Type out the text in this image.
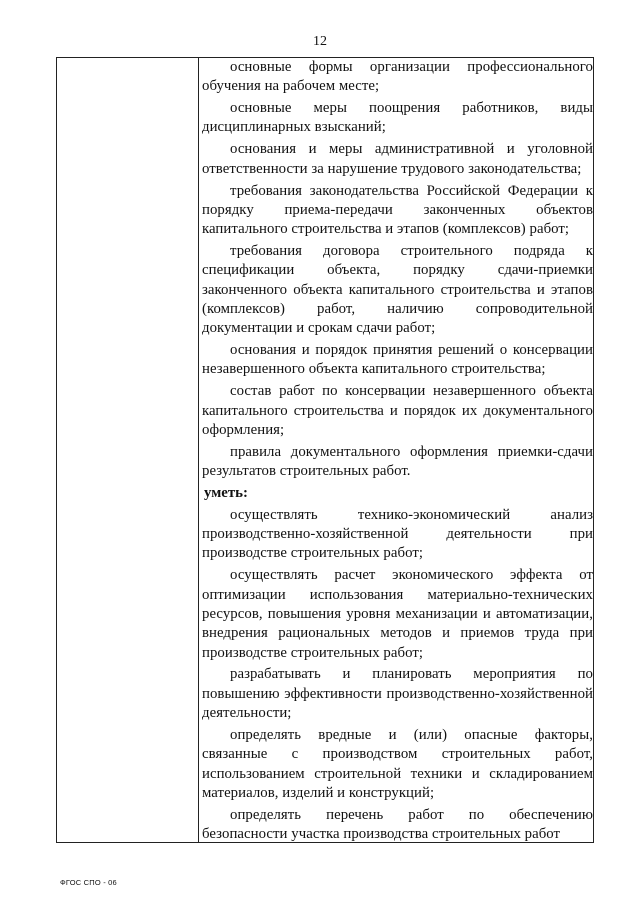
12
основные формы организации профессионального обучения на рабочем месте;
основные меры поощрения работников, виды дисциплинарных взысканий;
основания и меры административной и уголовной ответственности за нарушение трудового законодательства;
требования законодательства Российской Федерации к порядку приема-передачи законченных объектов капитального строительства и этапов (комплексов) работ;
требования договора строительного подряда к спецификации объекта, порядку сдачи-приемки законченного объекта капитального строительства и этапов (комплексов) работ, наличию сопроводительной документации и срокам сдачи работ;
основания и порядок принятия решений о консервации незавершенного объекта капитального строительства;
состав работ по консервации незавершенного объекта капитального строительства и порядок их документального оформления;
правила документального оформления приемки-сдачи результатов строительных работ.
уметь:
осуществлять технико-экономический анализ производственно-хозяйственной деятельности при производстве строительных работ;
осуществлять расчет экономического эффекта от оптимизации использования материально-технических ресурсов, повышения уровня механизации и автоматизации, внедрения рациональных методов и приемов труда при производстве строительных работ;
разрабатывать и планировать мероприятия по повышению эффективности производственно-хозяйственной деятельности;
определять вредные и (или) опасные факторы, связанные с производством строительных работ, использованием строительной техники и складированием материалов, изделий и конструкций;
определять перечень работ по обеспечению безопасности участка производства строительных работ
ФГОС СПО - 06
